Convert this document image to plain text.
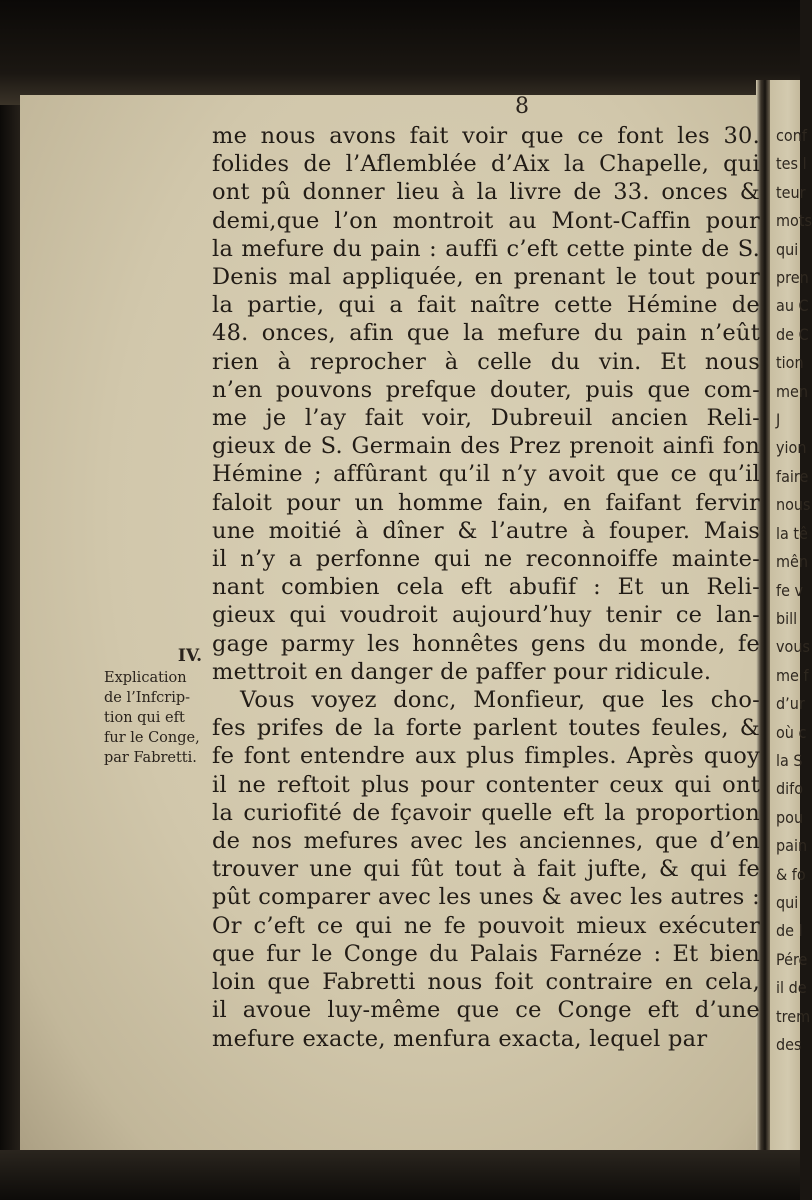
8
me nous avons fait voir que ce font les 30.
folides de l’Aflemblée d’Aix la Chapelle, qui
ont pû donner lieu à la livre de 33. onces &
demi,que l’on montroit au Mont-Caffin pour
la mefure du pain : auffi c’eft cette pinte de S.
Denis mal appliquée, en prenant le tout pour
la partie, qui a fait naître cette Hémine de
48. onces, afin que la mefure du pain n’eût
rien à reprocher à celle du vin. Et nous
n’en pouvons prefque douter, puis que com-
me je l’ay fait voir, Dubreuil ancien Reli-
gieux de S. Germain des Prez prenoit ainfi fon
Hémine ; affûrant qu’il n’y avoit que ce qu’il
faloit pour un homme fain, en faifant fervir
une moitié à dîner & l’autre à fouper. Mais
il n’y a perfonne qui ne reconnoiffe mainte-
nant combien cela eft abufif : Et un Reli-
gieux qui voudroit aujourd’huy tenir ce lan-
gage parmy les honnêtes gens du monde, fe
mettroit en danger de paffer pour ridicule.
Vous voyez donc, Monfieur, que les cho-
fes prifes de la forte parlent toutes feules, &
fe font entendre aux plus fimples. Après quoy
il ne reftoit plus pour contenter ceux qui ont
la curiofité de fçavoir quelle eft la proportion
de nos mefures avec les anciennes, que d’en
trouver une qui fût tout à fait jufte, & qui fe
pût comparer avec les unes & avec les autres :
Or c’eft ce qui ne fe pouvoit mieux exécuter
que fur le Conge du Palais Farnéze : Et bien
loin que Fabretti nous foit contraire en cela,
il avoue luy-même que ce Conge eft d’une
mefure exacte, menfura exacta, lequel par
IV.
Explication
de l’Infcrip-
tion qui eft
fur le Conge,
par Fabretti.
conf
tes l
teur
mots
qui
pren
au C
de C
tion
men
J
yion
faire
nous
la tê
mên
fe v
bill
vous
me f
d’ur
où c
la S
difo
pou
pain
& fo
qui
de l
Pére
il de
trem
des
